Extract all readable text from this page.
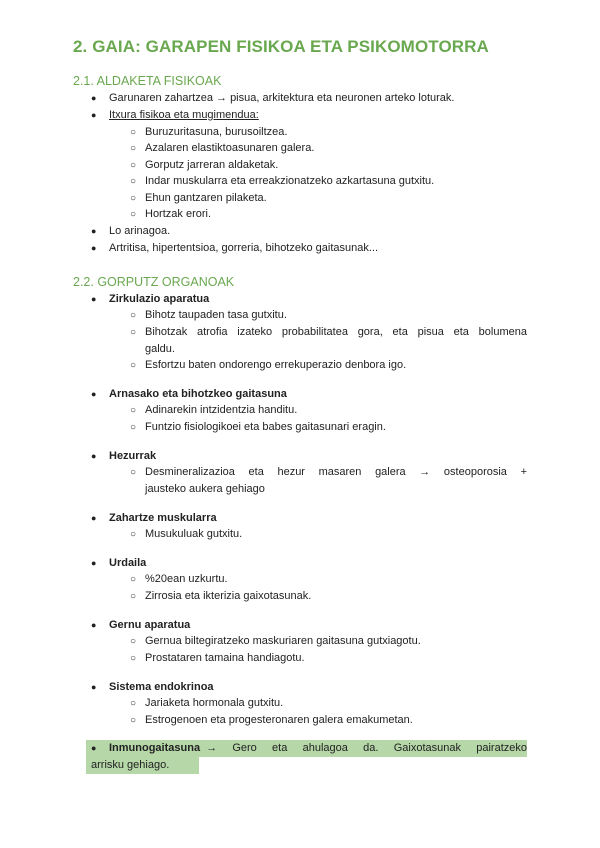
2. GAIA: GARAPEN FISIKOA ETA PSIKOMOTORRA
2.1. ALDAKETA FISIKOAK
● Garunaren zahartzea → pisua, arkitektura eta neuronen arteko loturak.
● Itxura fisikoa eta mugimendua:
○ Buruzuritasuna, burusoiltzea.
○ Azalaren elastiktoasunaren galera.
○ Gorputz jarreran aldaketak.
○ Indar muskularra eta erreakzionatzeko azkartasuna gutxitu.
○ Ehun gantzaren pilaketa.
○ Hortzak erori.
● Lo arinagoa.
● Artritisa, hipertentsioa, gorreria, bihotzeko gaitasunak...
2.2. GORPUTZ ORGANOAK
● Zirkulazio aparatua
○ Bihotz taupaden tasa gutxitu.
○ Bihotzak atrofia izateko probabilitatea gora, eta pisua eta bolumena
galdu.
○ Esfortzu baten ondorengo errekuperazio denbora igo.
● Arnasako eta bihotzkeo gaitasuna
○ Adinarekin intzidentzia handitu.
○ Funtzio fisiologikoei eta babes gaitasunari eragin.
● Hezurrak
○ Desmineralizazioa eta hezur masaren galera → osteoporosia +
jausteko aukera gehiago
● Zahartze muskularra
○ Musukuluak gutxitu.
● Urdaila
○ %20ean uzkurtu.
○ Zirrosia eta ikterizia gaixotasunak.
● Gernu aparatua
○ Gernua biltegiratzeko maskuriaren gaitasuna gutxiagotu.
○ Prostataren tamaina handiagotu.
● Sistema endokrinoa
○ Jariaketa hormonala gutxitu.
○ Estrogenoen eta progesteronaren galera emakumetan.
● Inmunogaitasuna → Gero eta ahulagoa da. Gaixotasunak pairatzeko
arrisku gehiago.
